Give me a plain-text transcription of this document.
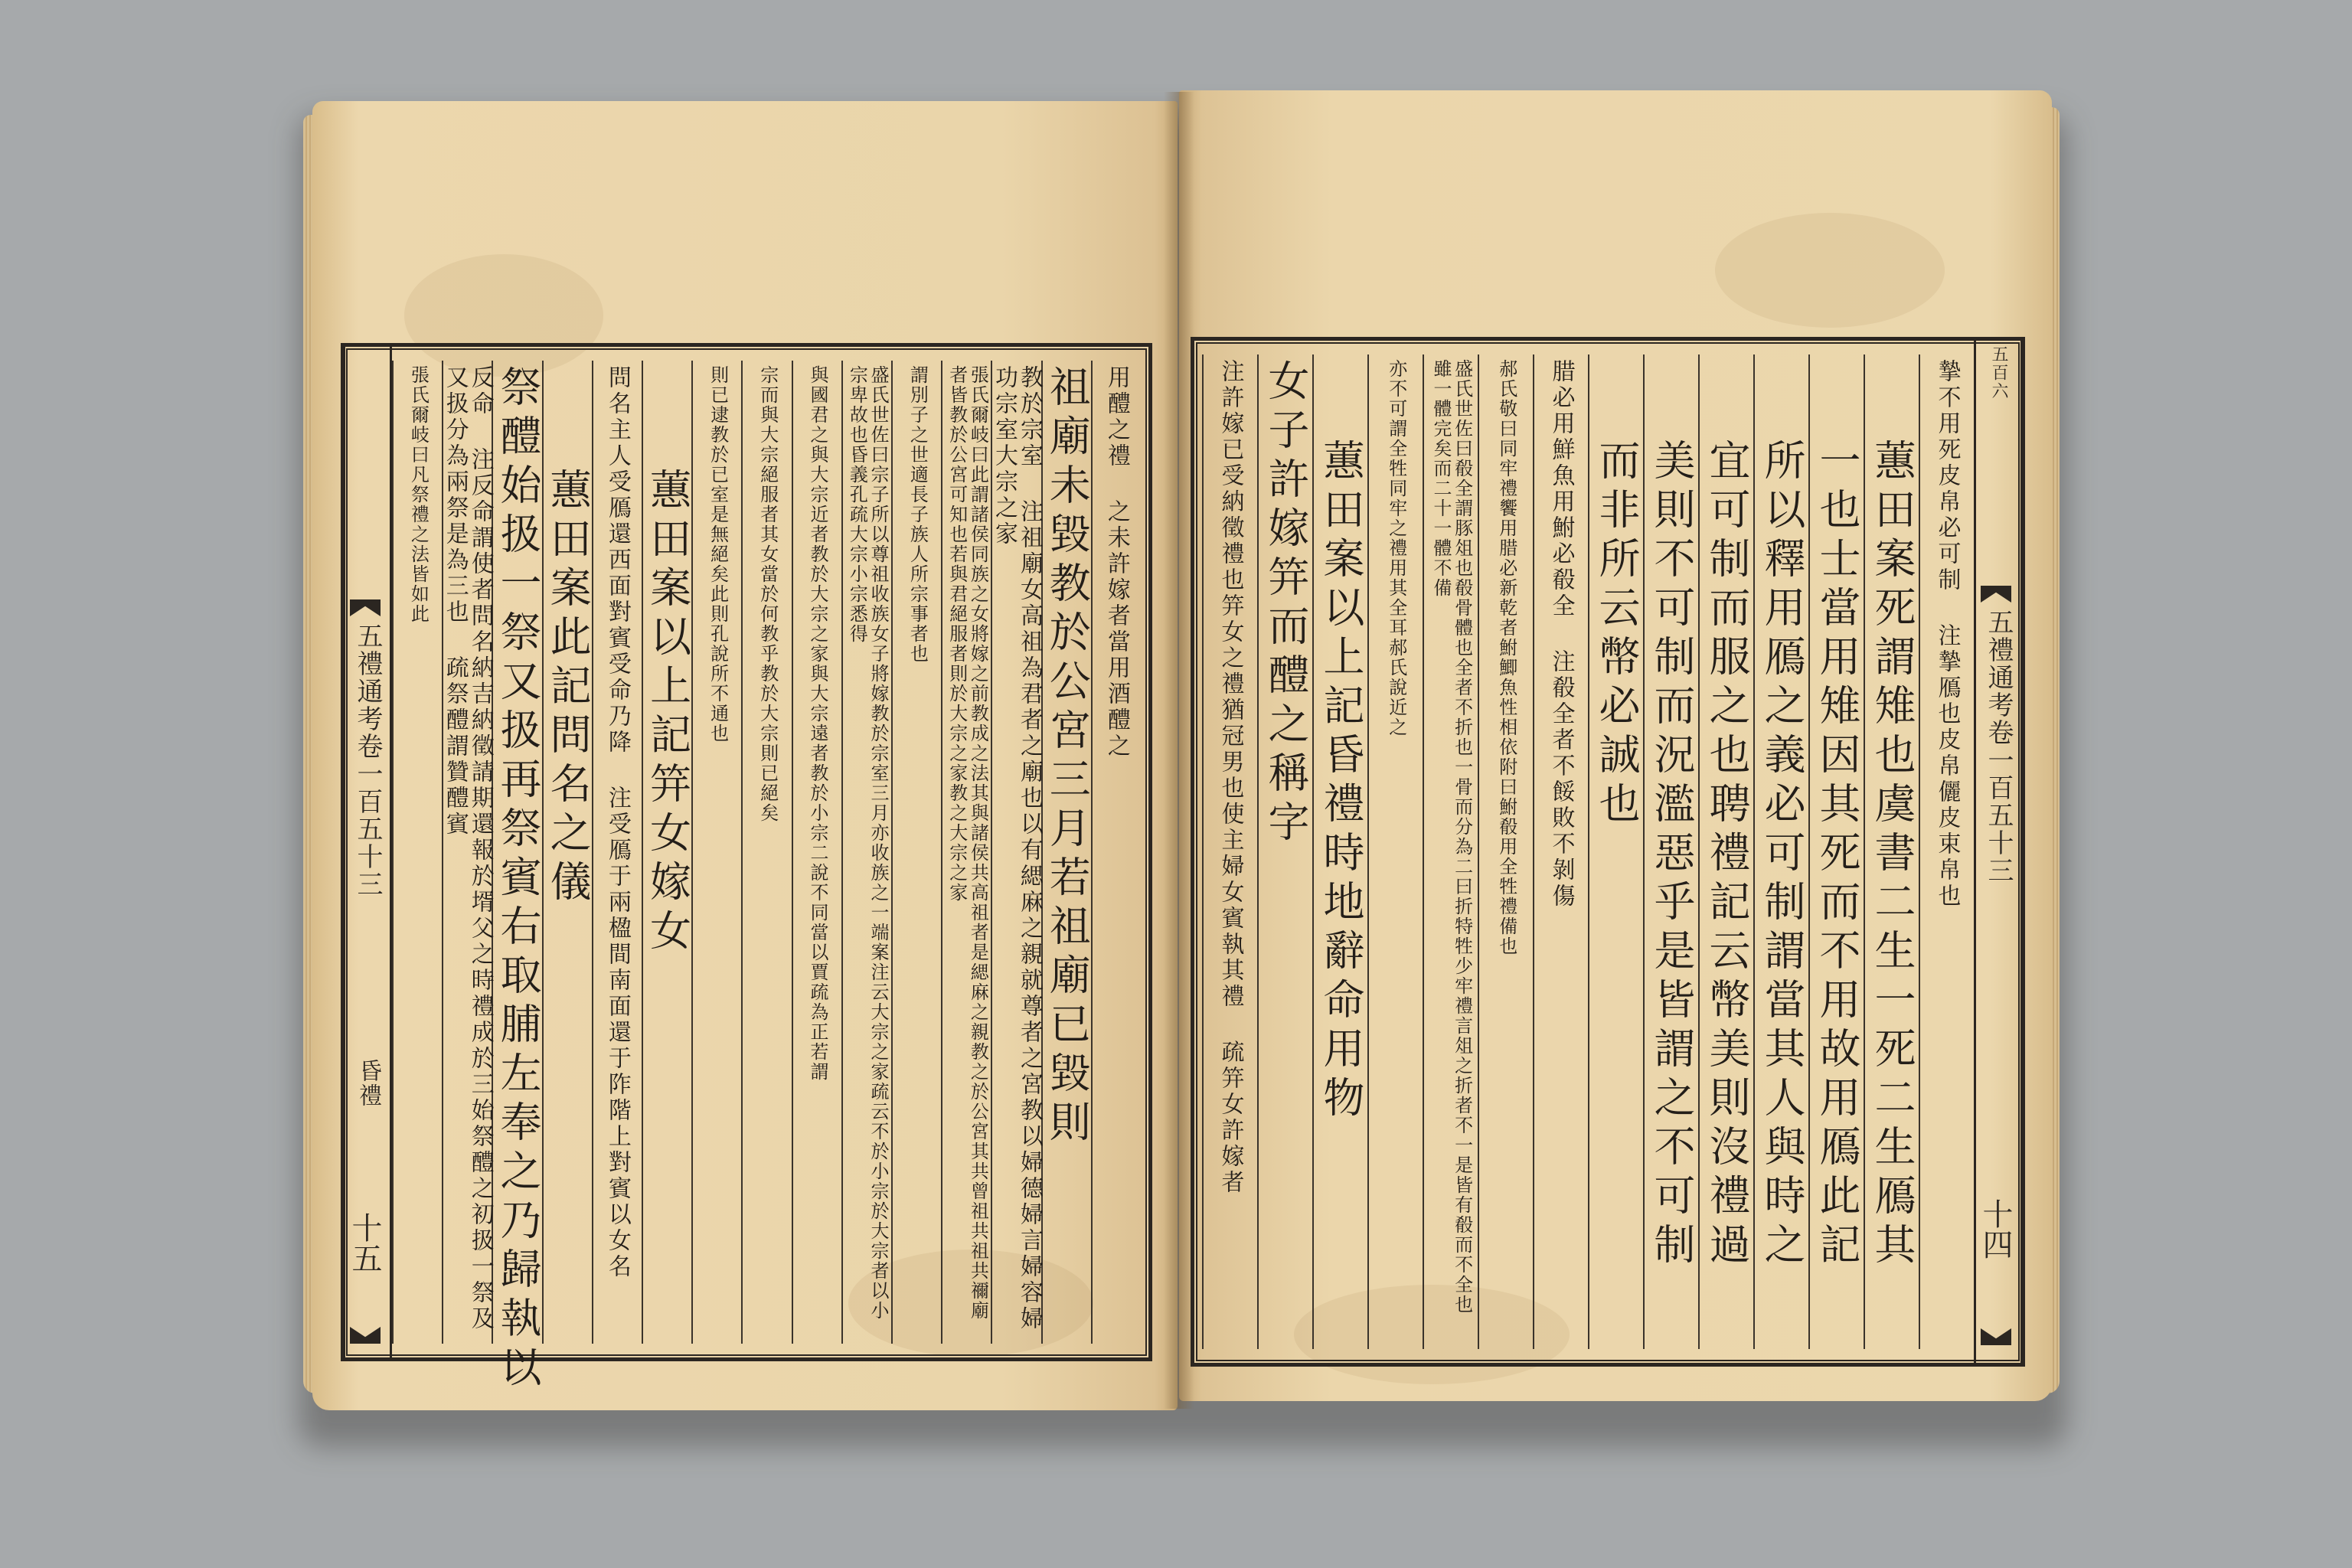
五禮通考卷一百五十三
昏禮
十五
用醴之禮 之未許嫁者當用酒醴之
祖廟未毀教於公宮三月若祖廟已毀則
教於宗室 注祖廟女高祖為君者之廟也以有緦麻之親就尊者之宮教以婦德婦言婦容婦功宗室大宗之家
張氏爾岐曰此謂諸侯同族之女將嫁之前教成之法其與諸侯共高祖者是緦麻之親教之於公宮其共曾祖共祖共禰廟者皆教於公宮可知也若與君絕服者則於大宗之家教之大宗之家
謂別子之世適長子族人所宗事者也
盛氏世佐曰宗子所以尊祖收族女子將嫁教於宗室三月亦收族之一端案注云大宗之家疏云不於小宗於大宗者以小宗卑故也昏義孔疏大宗小宗悉得
與國君之與大宗近者教於大宗之家與大宗遠者教於小宗二說不同當以賈疏為正若謂
宗而與大宗絕服者其女當於何教乎教於大宗則已絕矣
則已逮教於已室是無絕矣此則孔說所不通也
蕙田案以上記笄女嫁女
問名主人受鴈還西面對賓受命乃降 注受鴈于兩楹間南面還于阼階上對賓以女名
蕙田案此記問名之儀
祭醴始扱一祭又扱再祭賓右取脯左奉之乃歸執以
反命 注反命謂使者問名納吉納徵請期還報於壻父之時禮成於三始祭醴之初扱一祭及又扱分為兩祭是為三也 疏祭醴謂贊醴賓
張氏爾岐曰凡祭禮之法皆如此	五百六
五禮通考卷一百五十三
十四
摯不用死皮帛必可制 注摯鴈也皮帛儷皮束帛也
蕙田案死謂雉也虞書二生一死二生鴈其
一也士當用雉因其死而不用故用鴈此記
所以釋用鴈之義必可制謂當其人與時之
宜可制而服之也聘禮記云幣美則沒禮過
美則不可制而況濫惡乎是皆謂之不可制
而非所云幣必誠也
腊必用鮮魚用鮒必殽全 注殽全者不餒敗不剝傷
郝氏敬曰同牢禮饗用腊必新乾者鮒鯽魚性相依附曰鮒殽用全牲禮備也
盛氏世佐曰殽全謂豚俎也殽骨體也全者不折也一骨而分為二曰折特牲少牢禮言俎之折者不一是皆有殽而不全也雖一體完矣而二十一體不備
亦不可謂全牲同牢之禮用其全耳郝氏說近之
蕙田案以上記昏禮時地辭命用物
女子許嫁笄而醴之稱字
注許嫁已受納徵禮也笄女之禮猶冠男也使主婦女賓執其禮 疏笄女許嫁者
